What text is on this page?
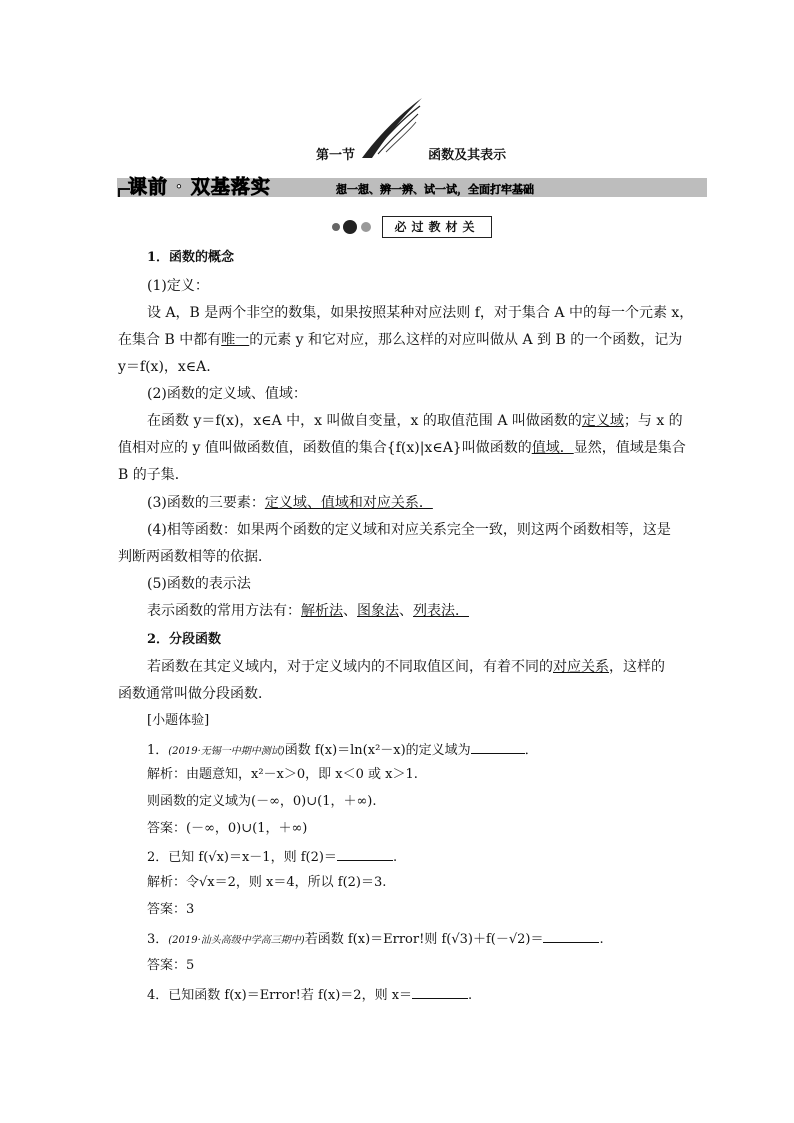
第一节	函数及其表示
课前 · 双基落实	想一想、辨一辨、试一试，全面打牢基础
必过教材关
1．函数的概念
(1)定义：
设 A，B 是两个非空的数集，如果按照某种对应法则 f，对于集合 A 中的每一个元素 x，
在集合 B 中都有唯一的元素 y 和它对应，那么这样的对应叫做从 A 到 B 的一个函数，记为
y＝f(x)，x∈A.
(2)函数的定义域、值域：
在函数 y＝f(x)，x∈A 中，x 叫做自变量，x 的取值范围 A 叫做函数的定义域；与 x 的
值相对应的 y 值叫做函数值，函数值的集合{f(x)|x∈A}叫做函数的值域．显然，值域是集合
B 的子集．
(3)函数的三要素：定义域、值域和对应关系．
(4)相等函数：如果两个函数的定义域和对应关系完全一致，则这两个函数相等，这是
判断两函数相等的依据．
(5)函数的表示法
表示函数的常用方法有：解析法、图象法、列表法．
2．分段函数
若函数在其定义域内，对于定义域内的不同取值区间，有着不同的对应关系，这样的
函数通常叫做分段函数．
[小题体验]
1．(2019·无锡一中期中测试)函数 f(x)＝ln(x²－x)的定义域为	．
解析：由题意知，x²－x＞0，即 x＜0 或 x＞1.
则函数的定义域为(－∞，0)∪(1，＋∞).
答案：(－∞，0)∪(1，＋∞)
2．已知 f(√x)＝x－1，则 f(2)＝	.
解析：令√x＝2，则 x＝4，所以 f(2)＝3.
答案：3
3．(2019·汕头高级中学高三期中)若函数 f(x)＝Error!则 f(√3)＋f(－√2)＝	.
答案：5
4．已知函数 f(x)＝Error!若 f(x)＝2，则 x＝	.
